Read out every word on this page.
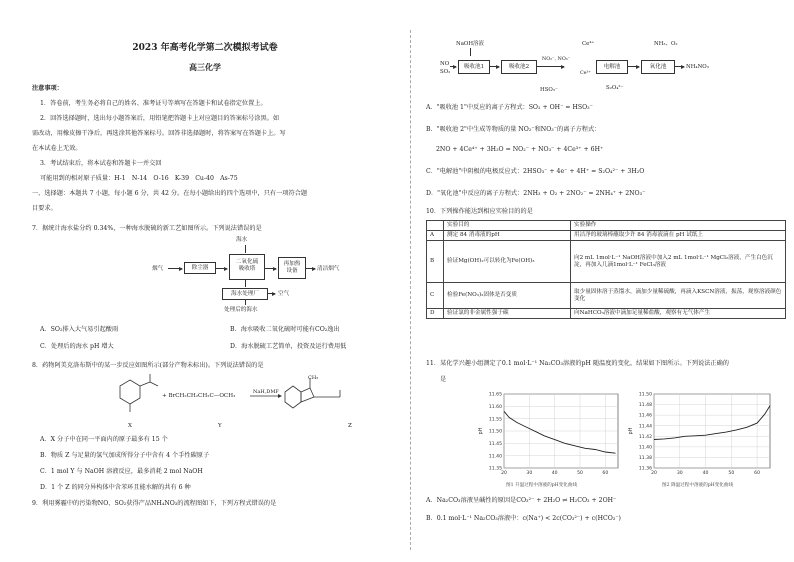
2023 年高考化学第二次模拟考试卷
高三化学
注意事项：
1．答卷前，考生务必将自己的姓名、准考证号等填写在答题卡和试卷指定位置上。
2．回答选择题时，选出每小题答案后，用铅笔把答题卡上对应题目的答案标号涂黑。如
需改动，用橡皮擦干净后，再选涂其他答案标号。回答非选择题时，将答案写在答题卡上。写
在本试卷上无效。
3．考试结束后，将本试卷和答题卡一并交回
可能用到的相对原子质量：H-1　N-14　O-16　K-39　Cu-40　As-75
一、选择题：本题共 7 小题，每小题 6 分，共 42 分。在每小题给出的四个选项中，只有一项符合题
目要求。
7．据统计海水盐分约 0.34%，一种海水脱硫的新工艺如图所示。下列说法错误的是
海水
烟气	除尘器
二氧化硫
吸收塔
再加热
设备	清洁烟气
海水处理厂	空气
处理后的海水
A．SO₂排入大气易引起酸雨	B．海水吸收二氧化硫时可能有CO₂逸出
C．处理后的海水 pH 增大	D．海水脱硫工艺简单，投资及运行费用低
8．药物阿美克洛布斯中的某一步反应如图所示(部分产物未标出)。下列说法错误的是
+ BrCH₂CH₂CH₂C—OCH₃
NaH,DMF
CH₃
X	Y	Z
A．X 分子中在同一平面内的原子最多有 15 个
B．物质 Z 与足量的氢气加成所得分子中含有 4 个手性碳原子
C．1 mol Y 与 NaOH 溶液反应，最多消耗 2 mol NaOH
D．1 个 Z 的同分异构体中含苯环且能水解的共有 6 种
9．利用雾霾中的污染物NO、SO₂获得产品NH₄NO₃的流程图如下，下列方程式错误的是
NaOH溶液
NO
SO₂
吸收池1	吸收池2
Ce⁴⁺
NO₂⁻, NO₃⁻
Ce³⁺
电解池
NH₃、O₂
氧化池	NH₄NO₃
HSO₃⁻	S₂O₄²⁻
A．"吸收池 1"中反应的离子方程式：SO₂ + OH⁻ = HSO₃⁻
B．"吸收池 2"中生成等物质的量 NO₂⁻和NO₃⁻的离子方程式：
2NO + 4Ce⁴⁺ + 3H₂O = NO₂⁻ + NO₃⁻ + 4Ce³⁺ + 6H⁺
C．"电解池"中阴极的电极反应式：2HSO₃⁻ + 4e⁻ + 4H⁺ = S₂O₄²⁻ + 3H₂O
D．"氧化池"中反应的离子方程式：2NH₃ + O₂ + 2NO₂⁻ = 2NH₄⁺ + 2NO₃⁻
10．下列操作能达到相应实验目的的是
	实验目的	实验操作
A	测定 84 消毒液的pH	用洁净的玻璃棒蘸取少许 84 消毒液滴在 pH 试纸上
B	验证Mg(OH)₂可以转化为Fe(OH)₃	向2 mL 1mol·L⁻¹ NaOH溶液中加入2 mL 1mol·L⁻¹ MgCl₂溶液，产生白色沉淀，再加入几滴1mol·L⁻¹ FeCl₃溶液
C	检验Fe(NO₃)₂固体是否变质	取少量固体溶于蒸馏水，滴加少量稀硫酸，再滴入KSCN溶液，振荡，观察溶液颜色变化
D	验证氯的非金属性强于碳	向NaHCO₃溶液中滴加足量稀盐酸，观察有无气体产生
11．某化学兴趣小组测定了0.1 mol·L⁻¹ Na₂CO₃溶液的pH 随温度的变化，结果如下图所示。下列说法正确的
是
11.35
11.40
11.45
11.50
11.55
11.60
11.65
20	30	40	50	60
pH
11.36
11.38
11.40
11.42
11.44
11.46
11.48
11.50
20	30	40	50	60
pH
图1 升温过程中溶液的pH变化曲线	图2 降温过程中溶液的pH变化曲线
A．Na₂CO₃溶液呈碱性的原因是CO₃²⁻ + 2H₂O ⇌ H₂CO₃ + 2OH⁻
B．0.1 mol·L⁻¹ Na₂CO₃溶液中：c(Na⁺) < 2c(CO₃²⁻) + c(HCO₃⁻)
